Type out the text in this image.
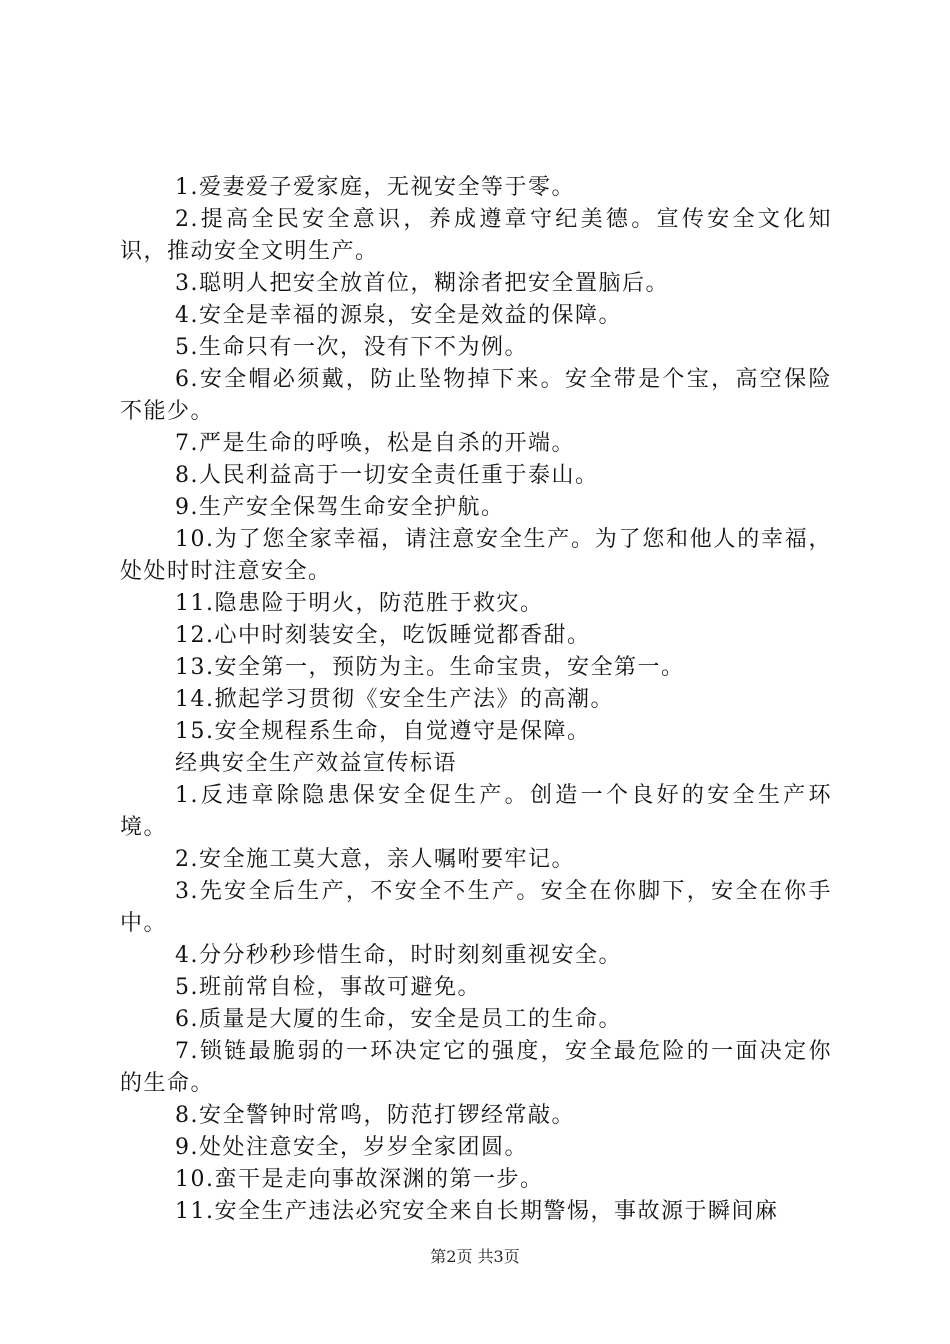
1.爱妻爱子爱家庭，无视安全等于零。

2.提高全民安全意识，养成遵章守纪美德。宣传安全文化知识，推动安全文明生产。

3.聪明人把安全放首位，糊涂者把安全置脑后。

4.安全是幸福的源泉，安全是效益的保障。

5.生命只有一次，没有下不为例。

6.安全帽必须戴，防止坠物掉下来。安全带是个宝，高空保险不能少。

7.严是生命的呼唤，松是自杀的开端。

8.人民利益高于一切安全责任重于泰山。

9.生产安全保驾生命安全护航。

10.为了您全家幸福，请注意安全生产。为了您和他人的幸福，处处时时注意安全。

11.隐患险于明火，防范胜于救灾。

12.心中时刻装安全，吃饭睡觉都香甜。

13.安全第一，预防为主。生命宝贵，安全第一。

14.掀起学习贯彻《安全生产法》的高潮。

15.安全规程系生命，自觉遵守是保障。

经典安全生产效益宣传标语

1.反违章除隐患保安全促生产。创造一个良好的安全生产环境。

2.安全施工莫大意，亲人嘱咐要牢记。

3.先安全后生产，不安全不生产。安全在你脚下，安全在你手中。

4.分分秒秒珍惜生命，时时刻刻重视安全。

5.班前常自检，事故可避免。

6.质量是大厦的生命，安全是员工的生命。

7.锁链最脆弱的一环决定它的强度，安全最危险的一面决定你的生命。

8.安全警钟时常鸣，防范打锣经常敲。

9.处处注意安全，岁岁全家团圆。

10.蛮干是走向事故深渊的第一步。

11.安全生产违法必究安全来自长期警惕，事故源于瞬间麻

第2页 共3页
